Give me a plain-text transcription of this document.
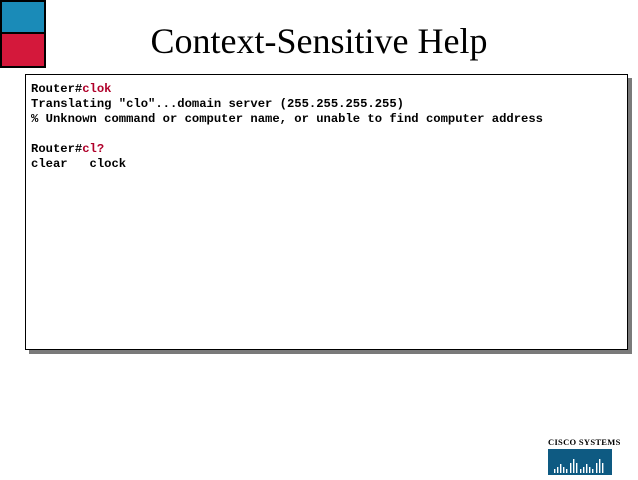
Context-Sensitive Help
Router#clok
Translating "clo"...domain server (255.255.255.255)
% Unknown command or computer name, or unable to find computer address
Router#cl?
clear   clock
CISCO SYSTEMS
